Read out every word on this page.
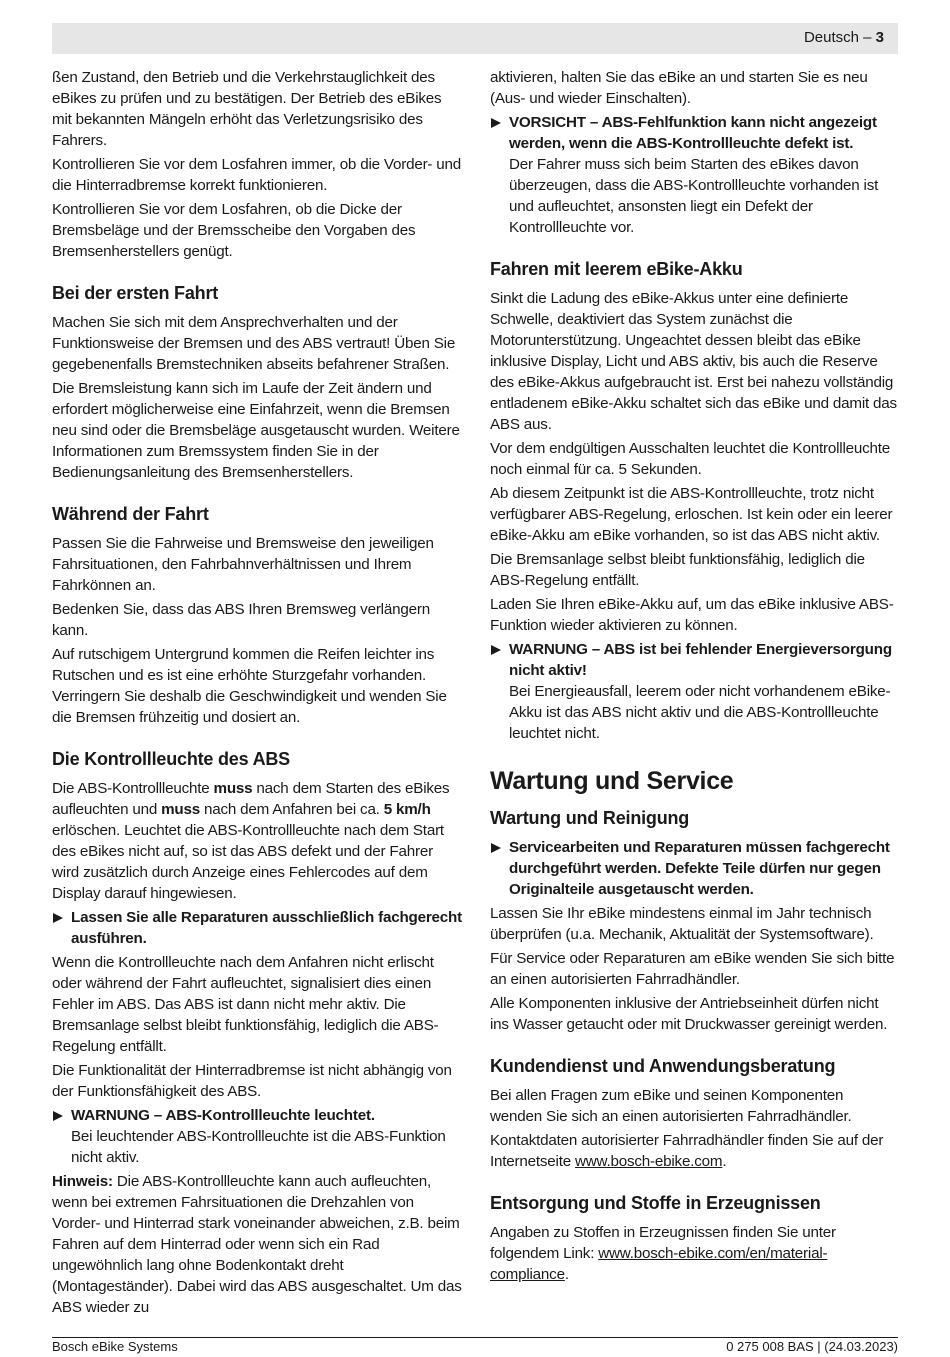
Deutsch – 3

ßen Zustand, den Betrieb und die Verkehrstauglichkeit des eBikes zu prüfen und zu bestätigen. Der Betrieb des eBikes mit bekannten Mängeln erhöht das Verletzungsrisiko des Fahrers.

Kontrollieren Sie vor dem Losfahren immer, ob die Vorder- und die Hinterradbremse korrekt funktionieren.

Kontrollieren Sie vor dem Losfahren, ob die Dicke der Bremsbeläge und der Bremsscheibe den Vorgaben des Bremsenherstellers genügt.

Bei der ersten Fahrt

Machen Sie sich mit dem Ansprechverhalten und der Funktionsweise der Bremsen und des ABS vertraut! Üben Sie gegebenenfalls Bremstechniken abseits befahrener Straßen.

Die Bremsleistung kann sich im Laufe der Zeit ändern und erfordert möglicherweise eine Einfahrzeit, wenn die Bremsen neu sind oder die Bremsbeläge ausgetauscht wurden. Weitere Informationen zum Bremssystem finden Sie in der Bedienungsanleitung des Bremsenherstellers.

Während der Fahrt

Passen Sie die Fahrweise und Bremsweise den jeweiligen Fahrsituationen, den Fahrbahnverhältnissen und Ihrem Fahrkönnen an.

Bedenken Sie, dass das ABS Ihren Bremsweg verlängern kann.

Auf rutschigem Untergrund kommen die Reifen leichter ins Rutschen und es ist eine erhöhte Sturzgefahr vorhanden. Verringern Sie deshalb die Geschwindigkeit und wenden Sie die Bremsen frühzeitig und dosiert an.

Die Kontrollleuchte des ABS

Die ABS-Kontrollleuchte muss nach dem Starten des eBikes aufleuchten und muss nach dem Anfahren bei ca. 5 km/h erlöschen. Leuchtet die ABS-Kontrollleuchte nach dem Start des eBikes nicht auf, so ist das ABS defekt und der Fahrer wird zusätzlich durch Anzeige eines Fehlercodes auf dem Display darauf hingewiesen.

Lassen Sie alle Reparaturen ausschließlich fachgerecht ausführen.

Wenn die Kontrollleuchte nach dem Anfahren nicht erlischt oder während der Fahrt aufleuchtet, signalisiert dies einen Fehler im ABS. Das ABS ist dann nicht mehr aktiv. Die Bremsanlage selbst bleibt funktionsfähig, lediglich die ABS-Regelung entfällt.

Die Funktionalität der Hinterradbremse ist nicht abhängig von der Funktionsfähigkeit des ABS.

WARNUNG – ABS-Kontrollleuchte leuchtet.
Bei leuchtender ABS-Kontrollleuchte ist die ABS-Funktion nicht aktiv.

Hinweis: Die ABS-Kontrollleuchte kann auch aufleuchten, wenn bei extremen Fahrsituationen die Drehzahlen von Vorder- und Hinterrad stark voneinander abweichen, z.B. beim Fahren auf dem Hinterrad oder wenn sich ein Rad ungewöhnlich lang ohne Bodenkontakt dreht (Montageständer). Dabei wird das ABS ausgeschaltet. Um das ABS wieder zu

aktivieren, halten Sie das eBike an und starten Sie es neu (Aus- und wieder Einschalten).

VORSICHT – ABS-Fehlfunktion kann nicht angezeigt werden, wenn die ABS-Kontrollleuchte defekt ist.
Der Fahrer muss sich beim Starten des eBikes davon überzeugen, dass die ABS-Kontrollleuchte vorhanden ist und aufleuchtet, ansonsten liegt ein Defekt der Kontrollleuchte vor.
Fahren mit leerem eBike-Akku

Sinkt die Ladung des eBike-Akkus unter eine definierte Schwelle, deaktiviert das System zunächst die Motorunterstützung. Ungeachtet dessen bleibt das eBike inklusive Display, Licht und ABS aktiv, bis auch die Reserve des eBike-Akkus aufgebraucht ist. Erst bei nahezu vollständig entladenem eBike-Akku schaltet sich das eBike und damit das ABS aus.

Vor dem endgültigen Ausschalten leuchtet die Kontrollleuchte noch einmal für ca. 5 Sekunden.

Ab diesem Zeitpunkt ist die ABS-Kontrollleuchte, trotz nicht verfügbarer ABS-Regelung, erloschen. Ist kein oder ein leerer eBike-Akku am eBike vorhanden, so ist das ABS nicht aktiv.

Die Bremsanlage selbst bleibt funktionsfähig, lediglich die ABS-Regelung entfällt.

Laden Sie Ihren eBike-Akku auf, um das eBike inklusive ABS-Funktion wieder aktivieren zu können.

WARNUNG – ABS ist bei fehlender Energieversorgung nicht aktiv!
Bei Energieausfall, leerem oder nicht vorhandenem eBike-Akku ist das ABS nicht aktiv und die ABS-Kontrollleuchte leuchtet nicht.
Wartung und Service
Wartung und Reinigung
Servicearbeiten und Reparaturen müssen fachgerecht durchgeführt werden. Defekte Teile dürfen nur gegen Originalteile ausgetauscht werden.

Lassen Sie Ihr eBike mindestens einmal im Jahr technisch überprüfen (u.a. Mechanik, Aktualität der Systemsoftware).

Für Service oder Reparaturen am eBike wenden Sie sich bitte an einen autorisierten Fahrradhändler.

Alle Komponenten inklusive der Antriebseinheit dürfen nicht ins Wasser getaucht oder mit Druckwasser gereinigt werden.

Kundendienst und Anwendungsberatung

Bei allen Fragen zum eBike und seinen Komponenten wenden Sie sich an einen autorisierten Fahrradhändler.

Kontaktdaten autorisierter Fahrradhändler finden Sie auf der Internetseite www.bosch-ebike.com.

Entsorgung und Stoffe in Erzeugnissen

Angaben zu Stoffen in Erzeugnissen finden Sie unter folgendem Link: www.bosch-ebike.com/en/material-compliance.

Bosch eBike Systems	0 275 008 BAS | (24.03.2023)
